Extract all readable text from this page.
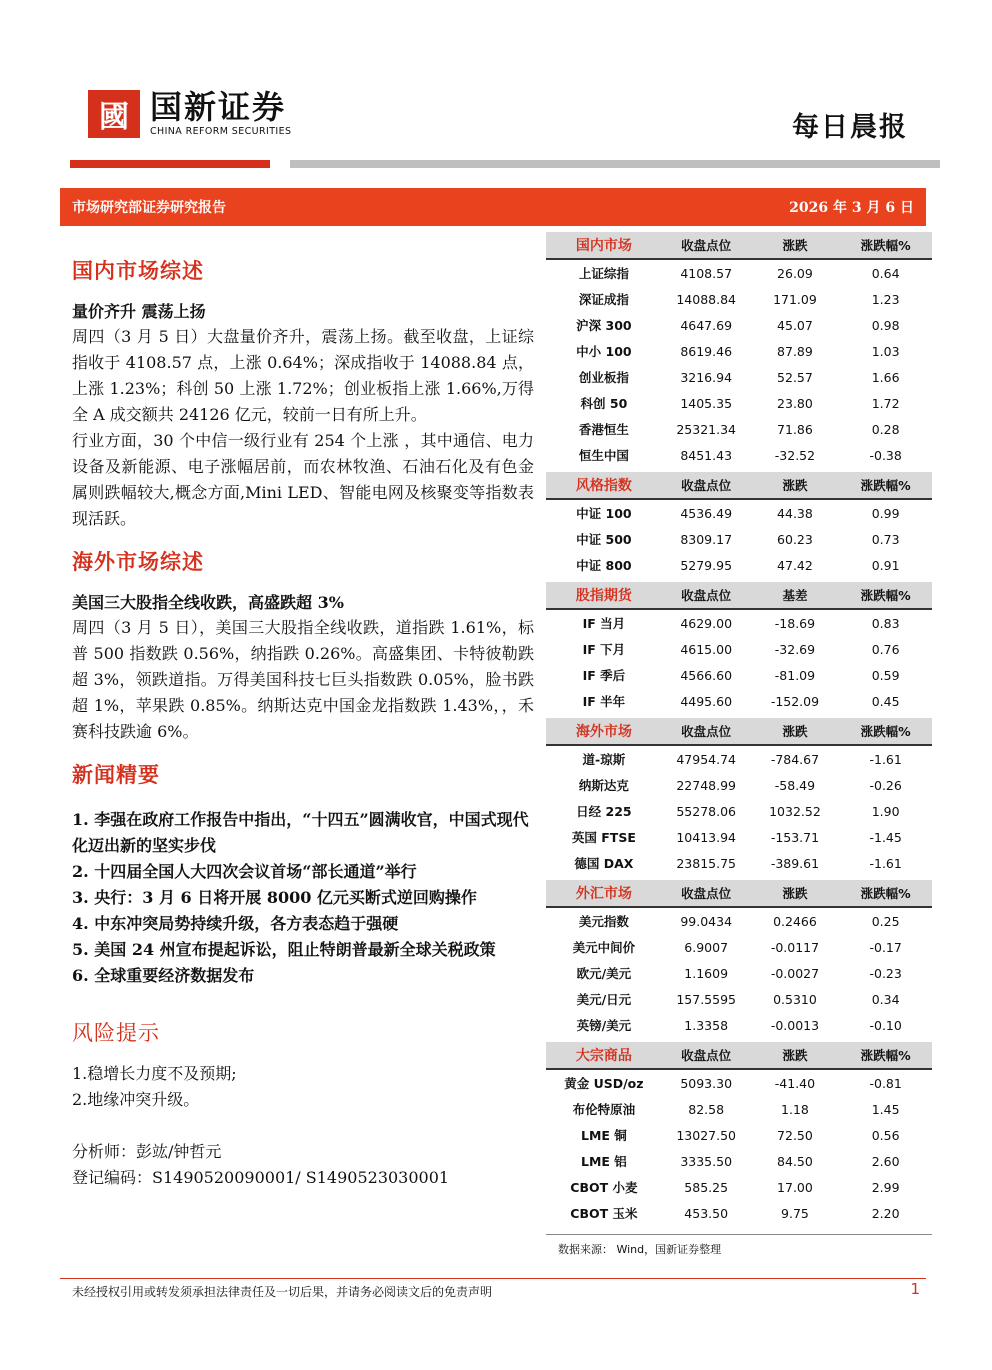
國 国新证券
CHINA REFORM SECURITIES	每日晨报
市场研究部证券研究报告	2026 年 3 月 6 日
国内市场综述
量价齐升 震荡上扬
周四（3 月 5 日）大盘量价齐升，震荡上扬。截至收盘，上证综指收于 4108.57 点，上涨 0.64%；深成指收于 14088.84 点，上涨 1.23%；科创 50 上涨 1.72%；创业板指上涨 1.66%,万得全 A 成交额共 24126 亿元，较前一日有所上升。
行业方面，30 个中信一级行业有 254 个上涨 ，其中通信、电力设备及新能源、电子涨幅居前，而农林牧渔、石油石化及有色金属则跌幅较大,概念方面,Mini LED、智能电网及核聚变等指数表现活跃。
海外市场综述
美国三大股指全线收跌，高盛跌超 3%
周四（3 月 5 日），美国三大股指全线收跌，道指跌 1.61%，标普 500 指数跌 0.56%，纳指跌 0.26%。高盛集团、卡特彼勒跌超 3%，领跌道指。万得美国科技七巨头指数跌 0.05%，脸书跌超 1%，苹果跌 0.85%。纳斯达克中国金龙指数跌 1.43%，，禾赛科技跌逾 6%。
新闻精要
1. 李强在政府工作报告中指出，“十四五”圆满收官，中国式现代化迈出新的坚实步伐
2. 十四届全国人大四次会议首场“部长通道”举行
3. 央行：3 月 6 日将开展 8000 亿元买断式逆回购操作
4. 中东冲突局势持续升级，各方表态趋于强硬
5. 美国 24 州宣布提起诉讼，阻止特朗普最新全球关税政策
6. 全球重要经济数据发布
风险提示
1.稳增长力度不及预期;
2.地缘冲突升级。
分析师：彭竑/钟哲元
登记编码：S1490520090001/ S1490523030001
国内市场	收盘点位	涨跌	涨跌幅%
上证综指	4108.57	26.09	0.64
深证成指	14088.84	171.09	1.23
沪深 300	4647.69	45.07	0.98
中小 100	8619.46	87.89	1.03
创业板指	3216.94	52.57	1.66
科创 50	1405.35	23.80	1.72
香港恒生	25321.34	71.86	0.28
恒生中国	8451.43	-32.52	-0.38

风格指数	收盘点位	涨跌	涨跌幅%
中证 100	4536.49	44.38	0.99
中证 500	8309.17	60.23	0.73
中证 800	5279.95	47.42	0.91

股指期货	收盘点位	基差	涨跌幅%
IF 当月	4629.00	-18.69	0.83
IF 下月	4615.00	-32.69	0.76
IF 季后	4566.60	-81.09	0.59
IF 半年	4495.60	-152.09	0.45

海外市场	收盘点位	涨跌	涨跌幅%
道-琼斯	47954.74	-784.67	-1.61
纳斯达克	22748.99	-58.49	-0.26
日经 225	55278.06	1032.52	1.90
英国 FTSE	10413.94	-153.71	-1.45
德国 DAX	23815.75	-389.61	-1.61

外汇市场	收盘点位	涨跌	涨跌幅%
美元指数	99.0434	0.2466	0.25
美元中间价	6.9007	-0.0117	-0.17
欧元/美元	1.1609	-0.0027	-0.23
美元/日元	157.5595	0.5310	0.34
英镑/美元	1.3358	-0.0013	-0.10

大宗商品	收盘点位	涨跌	涨跌幅%
黄金 USD/oz	5093.30	-41.40	-0.81
布伦特原油	82.58	1.18	1.45
LME 铜	13027.50	72.50	0.56
LME 铝	3335.50	84.50	2.60
CBOT 小麦	585.25	17.00	2.99
CBOT 玉米	453.50	9.75	2.20
数据来源： Wind，国新证券整理
未经授权引用或转发须承担法律责任及一切后果，并请务必阅读文后的免责声明	1
